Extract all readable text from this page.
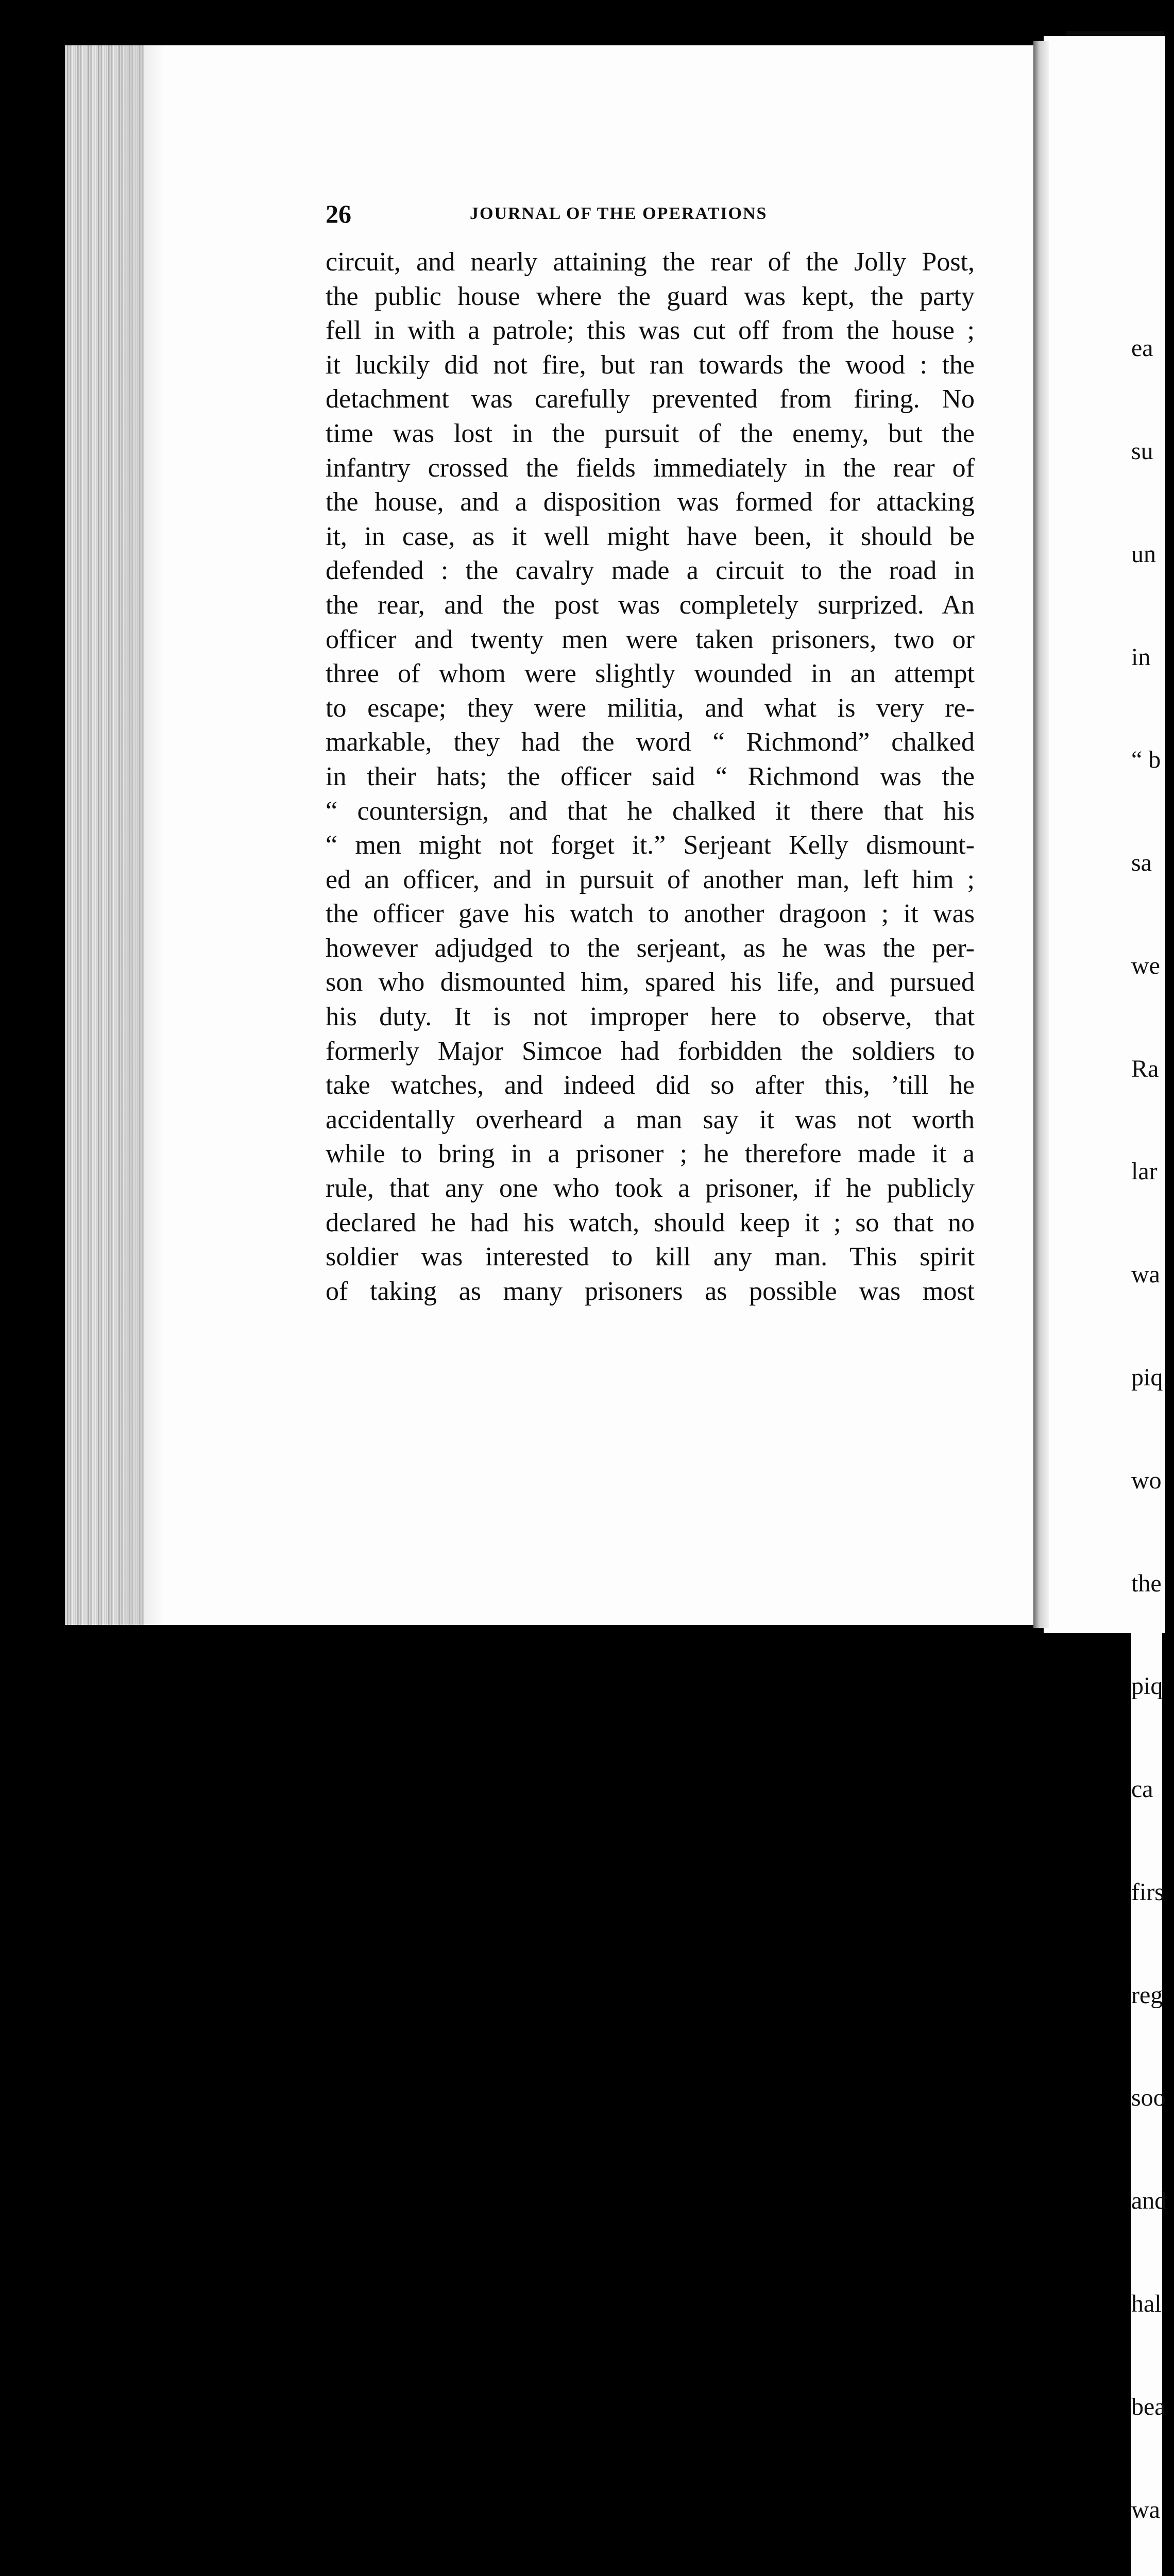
ea

su

un

in

“ b

sa

we

Ra

lar

wa

piq

wo

the

piq

ca

firs

reg

soo

and

hal

bea

wa

26	JOURNAL OF THE OPERATIONS
circuit, and nearly attaining the rear of the Jolly Post,
the public house where the guard was kept, the party
fell in with a patrole; this was cut off from the house ;
it luckily did not fire, but ran towards the wood : the
detachment was carefully prevented from firing. No
time was lost in the pursuit of the enemy, but the
infantry crossed the fields immediately in the rear of
the house, and a disposition was formed for attacking
it, in case, as it well might have been, it should be
defended : the cavalry made a circuit to the road in
the rear, and the post was completely surprized. An
officer and twenty men were taken prisoners, two or
three of whom were slightly wounded in an attempt
to escape; they were militia, and what is very re-
markable, they had the word “ Richmond” chalked
in their hats; the officer said “ Richmond was the
“ countersign, and that he chalked it there that his
“ men might not forget it.” Serjeant Kelly dismount-
ed an officer, and in pursuit of another man, left him ;
the officer gave his watch to another dragoon ; it was
however adjudged to the serjeant, as he was the per-
son who dismounted him, spared his life, and pursued
his duty. It is not improper here to observe, that
formerly Major Simcoe had forbidden the soldiers to
take watches, and indeed did so after this, ’till he
accidentally overheard a man say it was not worth
while to bring in a prisoner ; he therefore made it a
rule, that any one who took a prisoner, if he publicly
declared he had his watch, should keep it ; so that no
soldier was interested to kill any man. This spirit
of taking as many prisoners as possible was most
